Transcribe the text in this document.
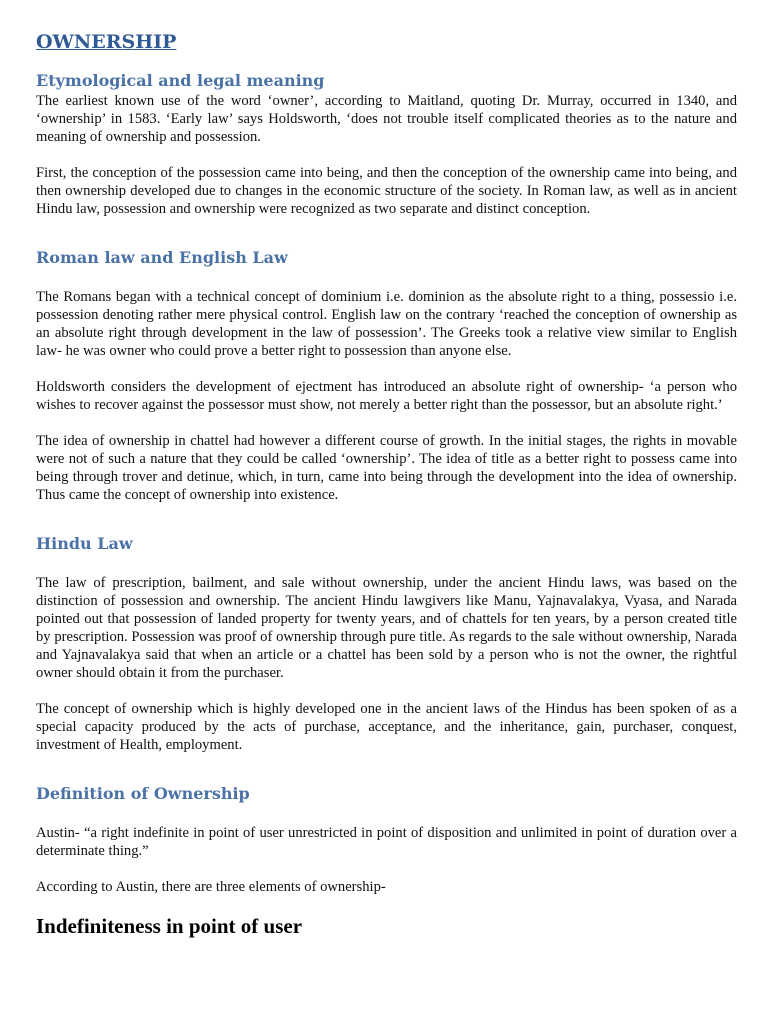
OWNERSHIP
Etymological and legal meaning

The earliest known use of the word ‘owner’, according to Maitland, quoting Dr. Murray, occurred in 1340, and ‘ownership’ in 1583. ‘Early law’ says Holdsworth, ‘does not trouble itself complicated theories as to the nature and meaning of ownership and possession.

First, the conception of the possession came into being, and then the conception of the ownership came into being, and then ownership developed due to changes in the economic structure of the society. In Roman law, as well as in ancient Hindu law, possession and ownership were recognized as two separate and distinct conception.

Roman law and English Law

The Romans began with a technical concept of dominium i.e. dominion as the absolute right to a thing, possessio i.e. possession denoting rather mere physical control. English law on the contrary ‘reached the conception of ownership as an absolute right through development in the law of possession’. The Greeks took a relative view similar to English law- he was owner who could prove a better right to possession than anyone else.

Holdsworth considers the development of ejectment has introduced an absolute right of ownership- ‘a person who wishes to recover against the possessor must show, not merely a better right than the possessor, but an absolute right.’

The idea of ownership in chattel had however a different course of growth. In the initial stages, the rights in movable were not of such a nature that they could be called ‘ownership’. The idea of title as a better right to possess came into being through trover and detinue, which, in turn, came into being through the development into the idea of ownership. Thus came the concept of ownership into existence.

Hindu Law

The law of prescription, bailment, and sale without ownership, under the ancient Hindu laws, was based on the distinction of possession and ownership. The ancient Hindu lawgivers like Manu, Yajnavalakya, Vyasa, and Narada pointed out that possession of landed property for twenty years, and of chattels for ten years, by a person created title by prescription. Possession was proof of ownership through pure title. As regards to the sale without ownership, Narada and Yajnavalakya said that when an article or a chattel has been sold by a person who is not the owner, the rightful owner should obtain it from the purchaser.

The concept of ownership which is highly developed one in the ancient laws of the Hindus has been spoken of as a special capacity produced by the acts of purchase, acceptance, and the inheritance, gain, purchaser, conquest, investment of Health, employment.

Definition of Ownership

Austin- “a right indefinite in point of user unrestricted in point of disposition and unlimited in point of duration over a determinate thing.”

According to Austin, there are three elements of ownership-

Indefiniteness in point of user
